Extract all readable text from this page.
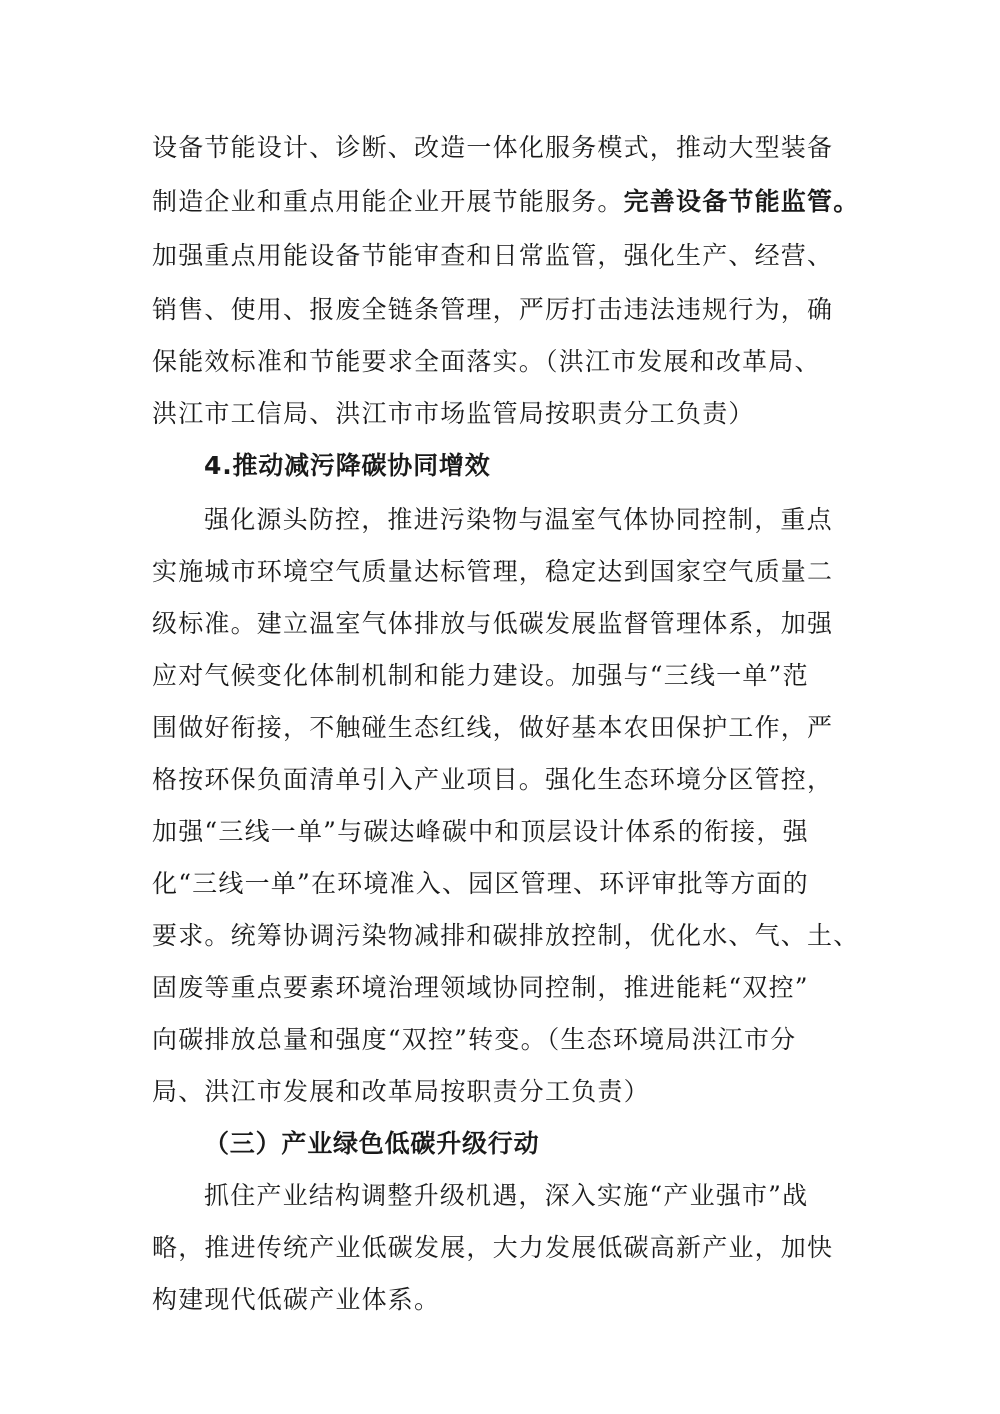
设备节能设计、诊断、改造一体化服务模式，推动大型装备
制造企业和重点用能企业开展节能服务。完善设备节能监管。
加强重点用能设备节能审查和日常监管，强化生产、经营、
销售、使用、报废全链条管理，严厉打击违法违规行为，确
保能效标准和节能要求全面落实。（洪江市发展和改革局、
洪江市工信局、洪江市市场监管局按职责分工负责）
4.推动减污降碳协同增效
强化源头防控，推进污染物与温室气体协同控制，重点
实施城市环境空气质量达标管理，稳定达到国家空气质量二
级标准。建立温室气体排放与低碳发展监督管理体系，加强
应对气候变化体制机制和能力建设。加强与“三线一单”范
围做好衔接，不触碰生态红线，做好基本农田保护工作，严
格按环保负面清单引入产业项目。强化生态环境分区管控，
加强“三线一单”与碳达峰碳中和顶层设计体系的衔接，强
化“三线一单”在环境准入、园区管理、环评审批等方面的
要求。统筹协调污染物减排和碳排放控制，优化水、气、土、
固废等重点要素环境治理领域协同控制，推进能耗“双控”
向碳排放总量和强度“双控”转变。（生态环境局洪江市分
局、洪江市发展和改革局按职责分工负责）
（三）产业绿色低碳升级行动
抓住产业结构调整升级机遇，深入实施“产业强市”战
略，推进传统产业低碳发展，大力发展低碳高新产业，加快
构建现代低碳产业体系。
